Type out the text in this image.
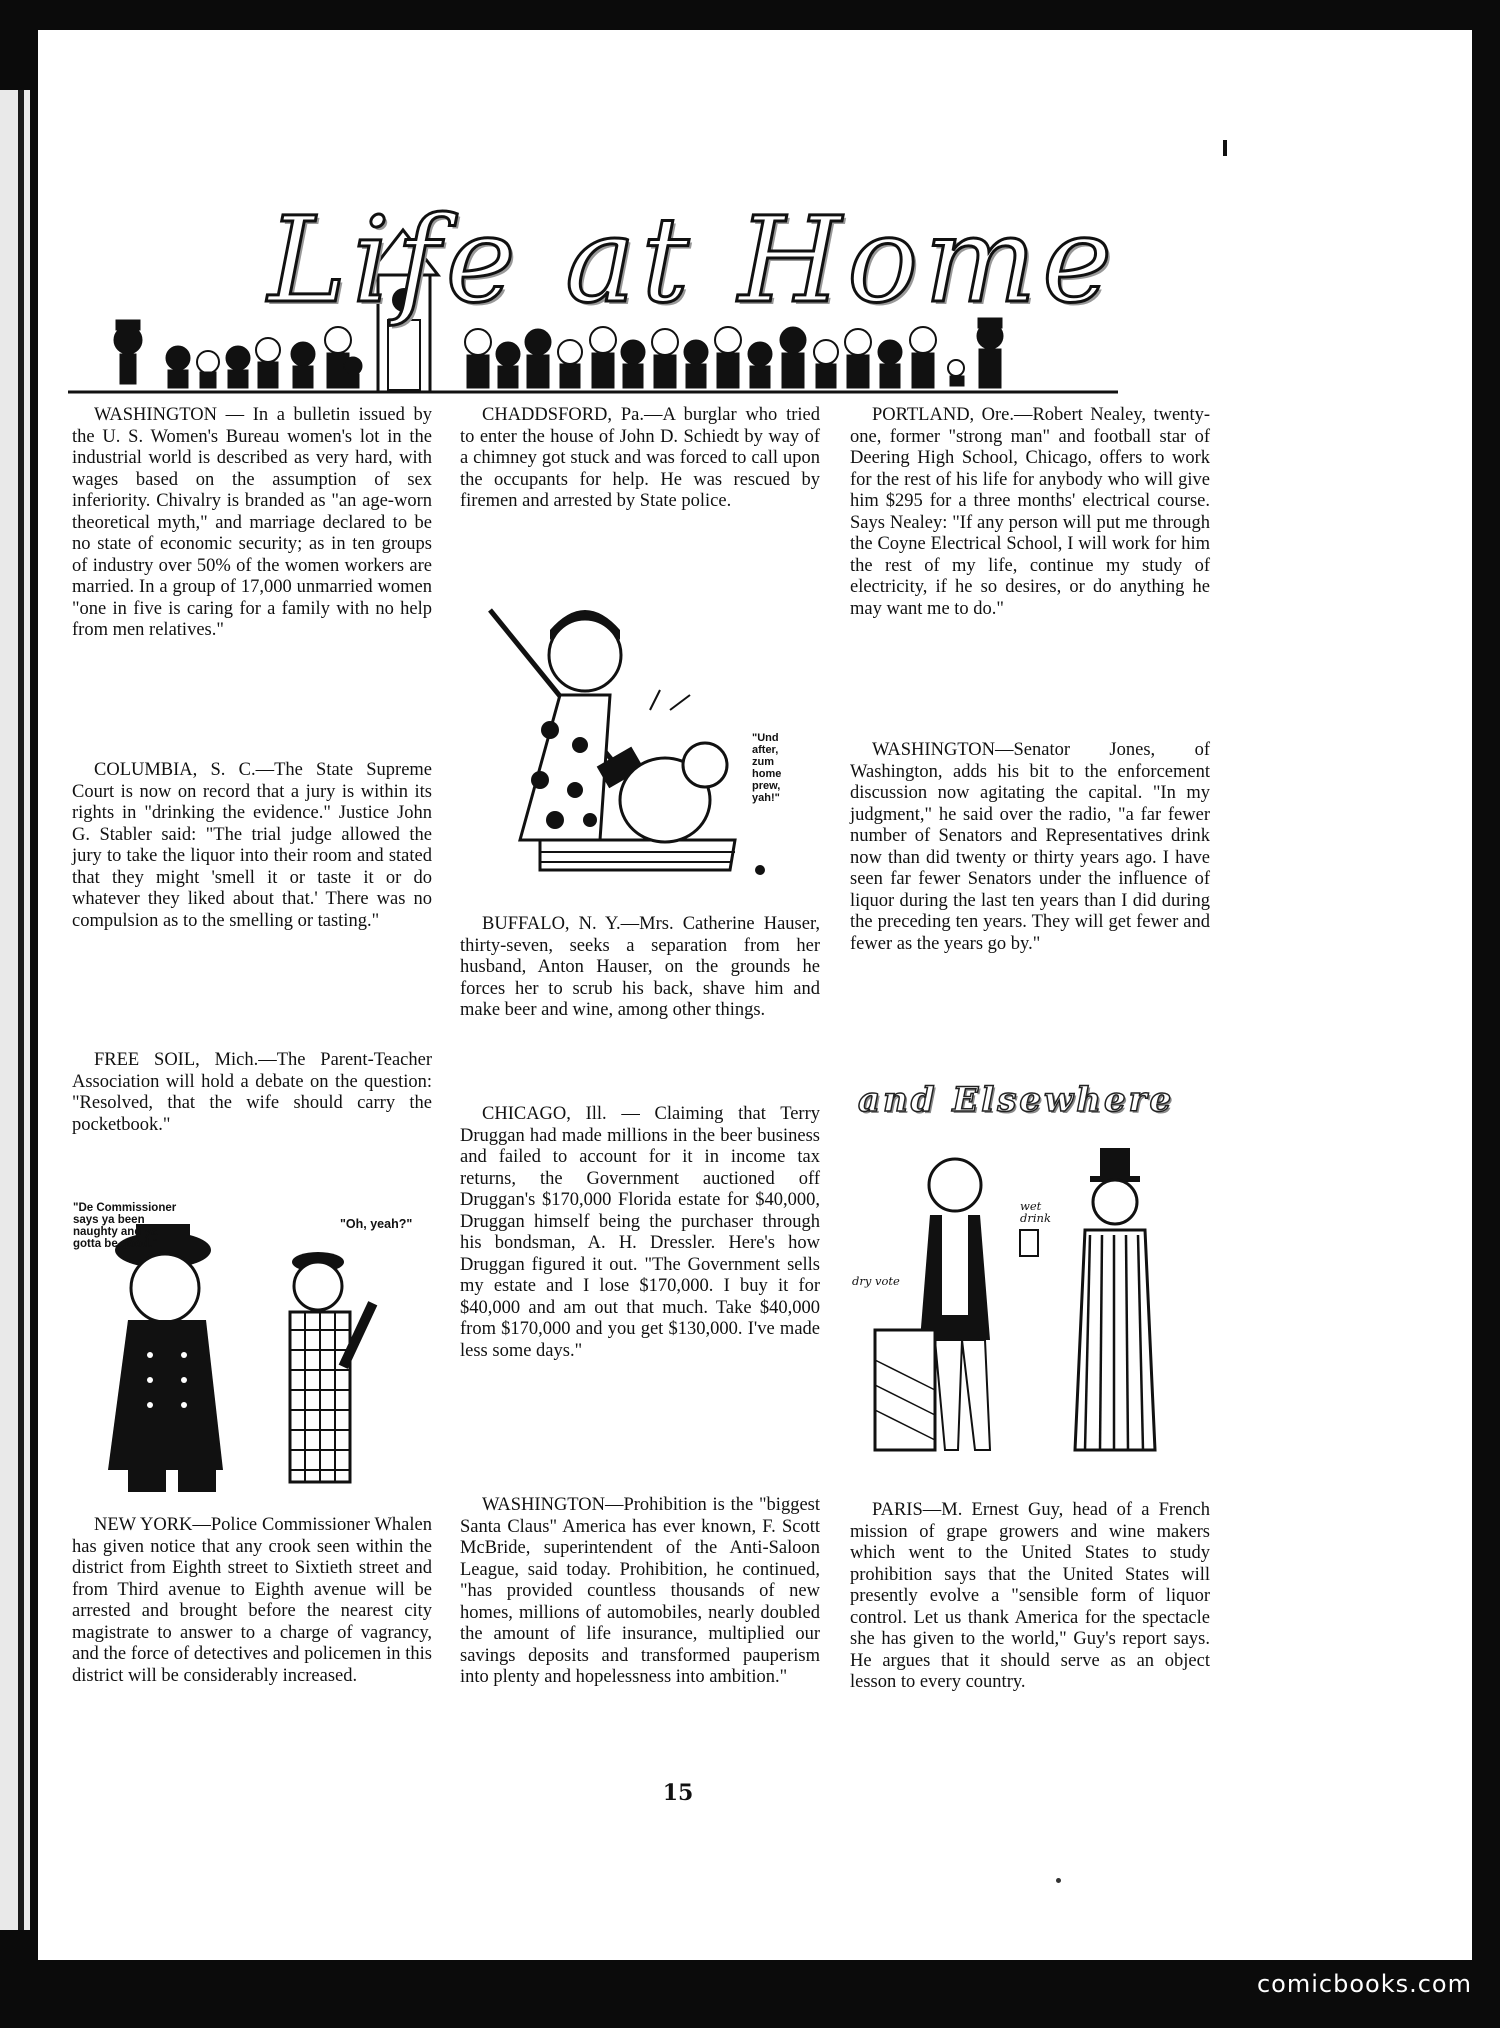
Life at Home

WASHINGTON — In a bulletin issued by the U. S. Women's Bureau women's lot in the industrial world is described as very hard, with wages based on the assumption of sex inferiority. Chivalry is branded as "an age-worn theoretical myth," and marriage declared to be no state of economic security; as in ten groups of industry over 50% of the women workers are married. In a group of 17,000 unmarried women "one in five is caring for a family with no help from men relatives."

COLUMBIA, S. C.—The State Supreme Court is now on record that a jury is within its rights in "drinking the evidence." Justice John G. Stabler said: "The trial judge allowed the jury to take the liquor into their room and stated that they might 'smell it or taste it or do whatever they liked about that.' There was no compulsion as to the smelling or tasting."

FREE SOIL, Mich.—The Parent-Teacher Association will hold a debate on the question: "Resolved, that the wife should carry the pocketbook."

"De Commissioner
says ya been
naughty and ya
gotta be good."
"Oh, yeah?"

NEW YORK—Police Commissioner Whalen has given notice that any crook seen within the district from Eighth street to Sixtieth street and from Third avenue to Eighth avenue will be arrested and brought before the nearest city magistrate to answer to a charge of vagrancy, and the force of detectives and policemen in this district will be considerably increased.

CHADDSFORD, Pa.—A burglar who tried to enter the house of John D. Schiedt by way of a chimney got stuck and was forced to call upon the occupants for help. He was rescued by firemen and arrested by State police.

"Und
after,
zum
home
prew,
yah!"

BUFFALO, N. Y.—Mrs. Catherine Hauser, thirty-seven, seeks a separation from her husband, Anton Hauser, on the grounds he forces her to scrub his back, shave him and make beer and wine, among other things.

CHICAGO, Ill. — Claiming that Terry Druggan had made millions in the beer business and failed to account for it in income tax returns, the Government auctioned off Druggan's $170,000 Florida estate for $40,000, Druggan himself being the purchaser through his bondsman, A. H. Dressler. Here's how Druggan figured it out. "The Government sells my estate and I lose $170,000. I buy it for $40,000 and am out that much. Take $40,000 from $170,000 and you get $130,000. I've made less some days."

WASHINGTON—Prohibition is the "biggest Santa Claus" America has ever known, F. Scott McBride, superintendent of the Anti-Saloon League, said today. Prohibition, he continued, "has provided countless thousands of new homes, millions of automobiles, nearly doubled the amount of life insurance, multiplied our savings deposits and transformed pauperism into plenty and hopelessness into ambition."

PORTLAND, Ore.—Robert Nealey, twenty-one, former "strong man" and football star of Deering High School, Chicago, offers to work for the rest of his life for anybody who will give him $295 for a three months' electrical course. Says Nealey: "If any person will put me through the Coyne Electrical School, I will work for him the rest of my life, continue my study of electricity, if he so desires, or do anything he may want me to do."

WASHINGTON—Senator Jones, of Washington, adds his bit to the enforcement discussion now agitating the capital. "In my judgment," he said over the radio, "a far fewer number of Senators and Representatives drink now than did twenty or thirty years ago. I have seen far fewer Senators under the influence of liquor during the last ten years than I did during the preceding ten years. They will get fewer and fewer as the years go by."

and Elsewhere
dry vote
wet
drink

PARIS—M. Ernest Guy, head of a French mission of grape growers and wine makers which went to the United States to study prohibition says that the United States will presently evolve a "sensible form of liquor control. Let us thank America for the spectacle she has given to the world," Guy's report says. He argues that it should serve as an object lesson to every country.

15
comicbooks.com
